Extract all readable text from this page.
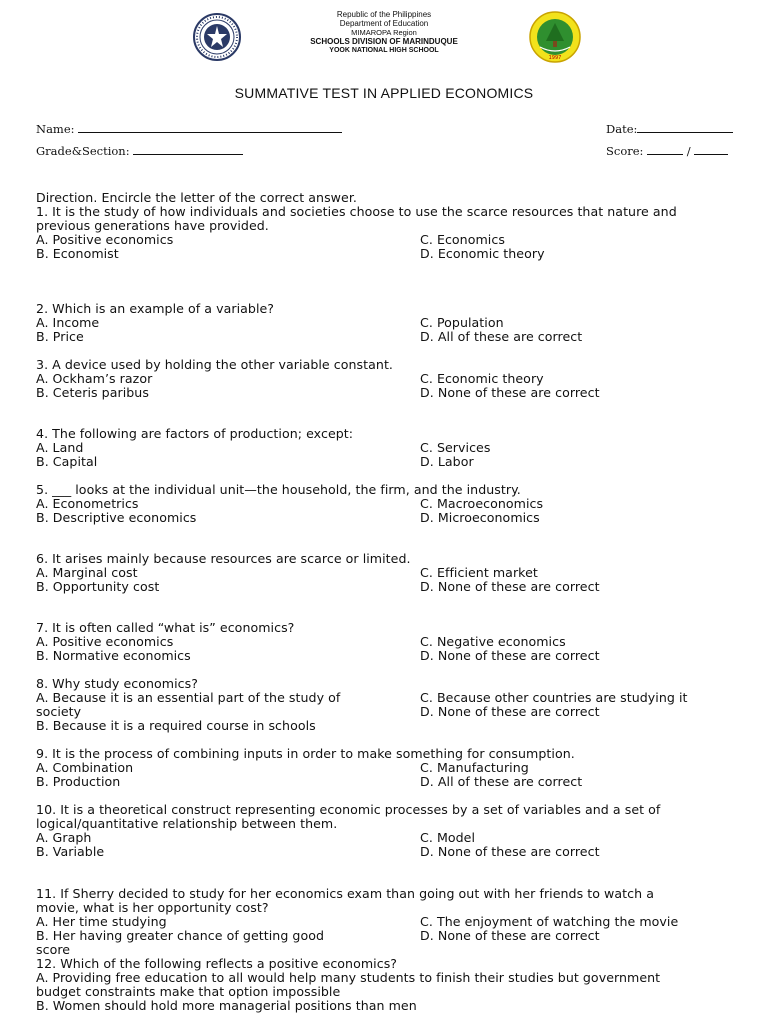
1997
Republic of the Philippines
Department of Education
MIMAROPA Region
SCHOOLS DIVISION OF MARINDUQUE
YOOK NATIONAL HIGH SCHOOL
SUMMATIVE TEST IN APPLIED ECONOMICS
Name:	Date:
Grade&Section:	Score:	/
Direction. Encircle the letter of the correct answer.
1. It is the study of how individuals and societies choose to use the scarce resources that nature and
previous generations have provided.
A. Positive economics
B. Economist
C. Economics
D. Economic theory
2. Which is an example of a variable?
A. Income
B. Price
C. Population
D. All of these are correct
3. A device used by holding the other variable constant.
A. Ockham’s razor
B. Ceteris paribus
C. Economic theory
D. None of these are correct
4. The following are factors of production; except:
A. Land
B. Capital
C. Services
D. Labor
5. ___ looks at the individual unit—the household, the firm, and the industry.
A. Econometrics
B. Descriptive economics
C. Macroeconomics
D. Microeconomics
6. It arises mainly because resources are scarce or limited.
A. Marginal cost
B. Opportunity cost
C. Efficient market
D. None of these are correct
7. It is often called “what is” economics?
A. Positive economics
B. Normative economics
C. Negative economics
D. None of these are correct
8. Why study economics?
A. Because it is an essential part of the study of
society
B. Because it is a required course in schools
C. Because other countries are studying it
D. None of these are correct
9. It is the process of combining inputs in order to make something for consumption.
A. Combination
B. Production
C. Manufacturing
D. All of these are correct
10. It is a theoretical construct representing economic processes by a set of variables and a set of
logical/quantitative relationship between them.
A. Graph
B. Variable
C. Model
D. None of these are correct
11. If Sherry decided to study for her economics exam than going out with her friends to watch a
movie, what is her opportunity cost?
A. Her time studying
B. Her having greater chance of getting good
score
C. The enjoyment of watching the movie
D. None of these are correct
12. Which of the following reflects a positive economics?
A. Providing free education to all would help many students to finish their studies but government
budget constraints make that option impossible
B. Women should hold more managerial positions than men
